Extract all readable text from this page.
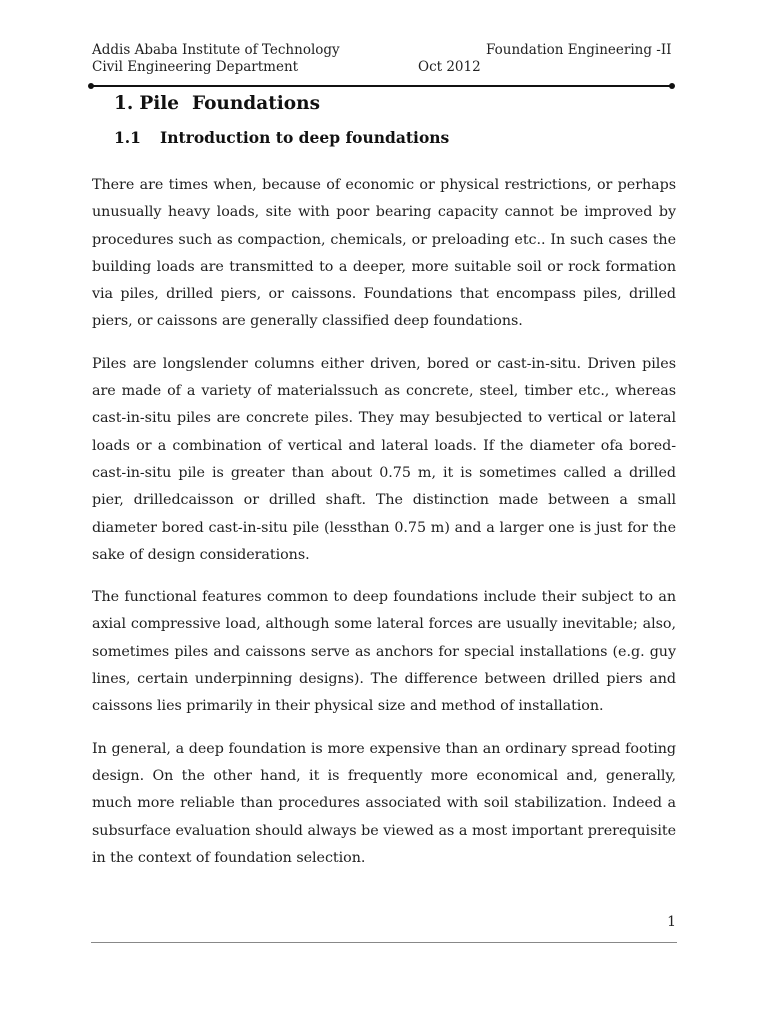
Addis Ababa Institute of Technology
Civil Engineering Department
Foundation Engineering -II
Oct 2012
1. Pile  Foundations
1.1 Introduction to deep foundations

There are times when, because of economic or physical restrictions, or perhaps unusually heavy loads, site with poor bearing capacity cannot be improved by procedures such as compaction, chemicals, or preloading etc.. In such cases the building loads are transmitted to a deeper, more suitable soil or rock formation via piles, drilled piers, or caissons. Foundations that encompass piles, drilled piers, or caissons are generally classified deep foundations.

Piles are longslender columns either driven, bored or cast-in-situ. Driven piles are made of a variety of materialssuch as concrete, steel, timber etc., whereas cast-in-situ piles are concrete piles. They may besubjected to vertical or lateral loads or a combination of vertical and lateral loads. If the diameter ofa bored-cast-in-situ pile is greater than about 0.75 m, it is sometimes called a drilled pier, drilledcaisson or drilled shaft. The distinction made between a small diameter bored cast-in-situ pile (lessthan 0.75 m) and a larger one is just for the sake of design considerations.

The functional features common to deep foundations include their subject to an axial compressive load, although some lateral forces are usually inevitable; also, sometimes piles and caissons serve as anchors for special installations (e.g. guy lines, certain underpinning designs). The difference between drilled piers and caissons lies primarily in their physical size and method of installation.

In general, a deep foundation is more expensive than an ordinary spread footing design. On the other hand, it is frequently more economical and, generally, much more reliable than procedures associated with soil stabilization. Indeed a subsurface evaluation should always be viewed as a most important prerequisite in the context of foundation selection.

1
